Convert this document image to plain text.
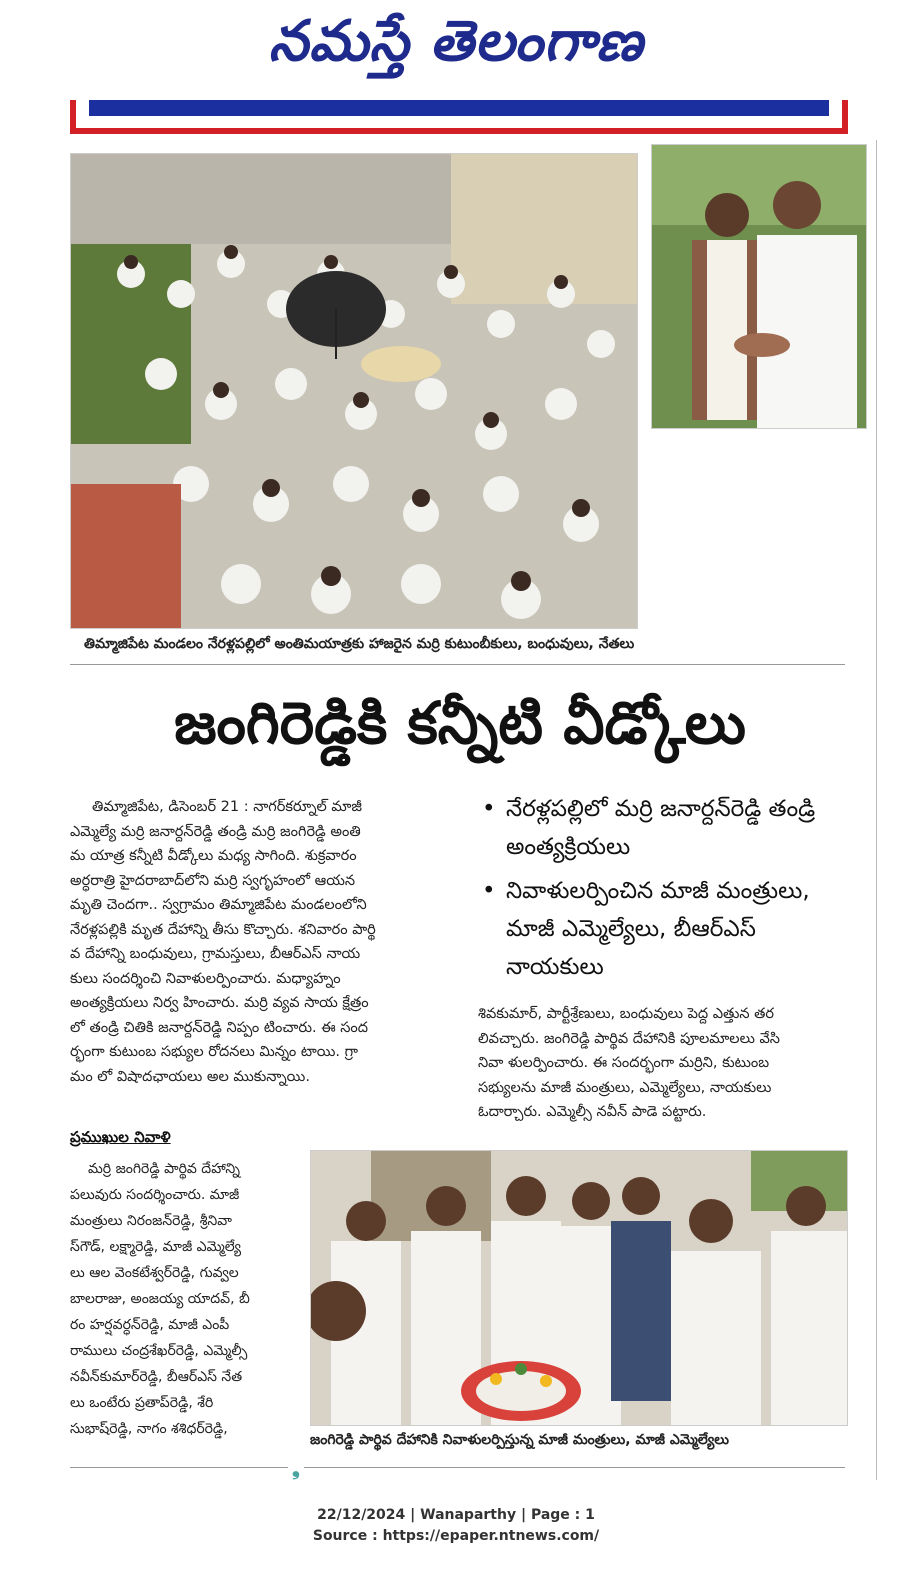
నమస్తే తెలంగాణ
తిమ్మాజిపేట మండలం నేరళ్లపల్లిలో అంతిమయాత్రకు హాజరైన మర్రి కుటుంబీకులు, బంధువులు, నేతలు
జంగిరెడ్డికి కన్నీటి వీడ్కోలు

తిమ్మాజిపేట, డిసెంబర్ 21 : నాగర్‌కర్నూల్ మాజీ

ఎమ్మెల్యే మర్రి జనార్దన్‌రెడ్డి తండ్రి మర్రి జంగిరెడ్డి అంతి

మ యాత్ర కన్నీటి వీడ్కోలు మధ్య సాగింది. శుక్రవారం

అర్ధరాత్రి హైదరాబాద్‌లోని మర్రి స్వగృహంలో ఆయన

మృతి చెందగా.. స్వగ్రామం తిమ్మాజిపేట మండలంలోని

నేరళ్లపల్లికి మృత దేహాన్ని తీసు కొచ్చారు. శనివారం పార్థి

వ దేహాన్ని బంధువులు, గ్రామస్తులు, బీఆర్‌ఎస్ నాయ

కులు సందర్శించి నివాళులర్పించారు. మధ్యాహ్నం

అంత్యక్రియలు నిర్వ హించారు. మర్రి వ్యవ సాయ క్షేత్రం

లో తండ్రి చితికి జనార్దన్‌రెడ్డి నిప్పం టించారు. ఈ సంద

ర్భంగా కుటుంబ సభ్యుల రోదనలు మిన్నం టాయి. గ్రా

మం లో విషాదఛాయలు అల ముకున్నాయి.

• నేరళ్లపల్లిలో మర్రి జనార్దన్‌రెడ్డి తండ్రి అంత్యక్రియలు
• నివాళులర్పించిన మాజీ మంత్రులు, మాజీ ఎమ్మెల్యేలు, బీఆర్‌ఎస్ నాయకులు

శివకుమార్, పార్టీశ్రేణులు, బంధువులు పెద్ద ఎత్తున తర

లివచ్చారు. జంగిరెడ్డి పార్థివ దేహానికి పూలమాలలు వేసి

నివా ళులర్పించారు. ఈ సందర్భంగా మర్రిని, కుటుంబ

సభ్యులను మాజీ మంత్రులు, ఎమ్మెల్యేలు, నాయకులు

ఓదార్చారు. ఎమ్మెల్సీ నవీన్ పాడె పట్టారు.

ప్రముఖుల నివాళి

మర్రి జంగిరెడ్డి పార్థివ దేహాన్ని

పలువురు సందర్శించారు. మాజీ

మంత్రులు నిరంజన్‌రెడ్డి, శ్రీనివా

స్‌గౌడ్, లక్ష్మారెడ్డి, మాజీ ఎమ్మెల్యే

లు ఆల వెంకటేశ్వర్‌రెడ్డి, గువ్వల

బాలరాజు, అంజయ్య యాదవ్, బీ

రం హర్షవర్ధన్‌రెడ్డి, మాజీ ఎంపీ

రాములు చంద్రశేఖర్‌రెడ్డి, ఎమ్మెల్సీ

నవీన్‌కుమార్‌రెడ్డి, బీఆర్‌ఎస్ నేత

లు ఒంటేరు ప్రతాప్‌రెడ్డి, శేరి

సుభాష్‌రెడ్డి, నాగం శశిధర్‌రెడ్డి,

జంగిరెడ్డి పార్థివ దేహానికి నివాళులర్పిస్తున్న మాజీ మంత్రులు, మాజీ ఎమ్మెల్యేలు
❟
22/12/2024 | Wanaparthy | Page : 1
Source : https://epaper.ntnews.com/
